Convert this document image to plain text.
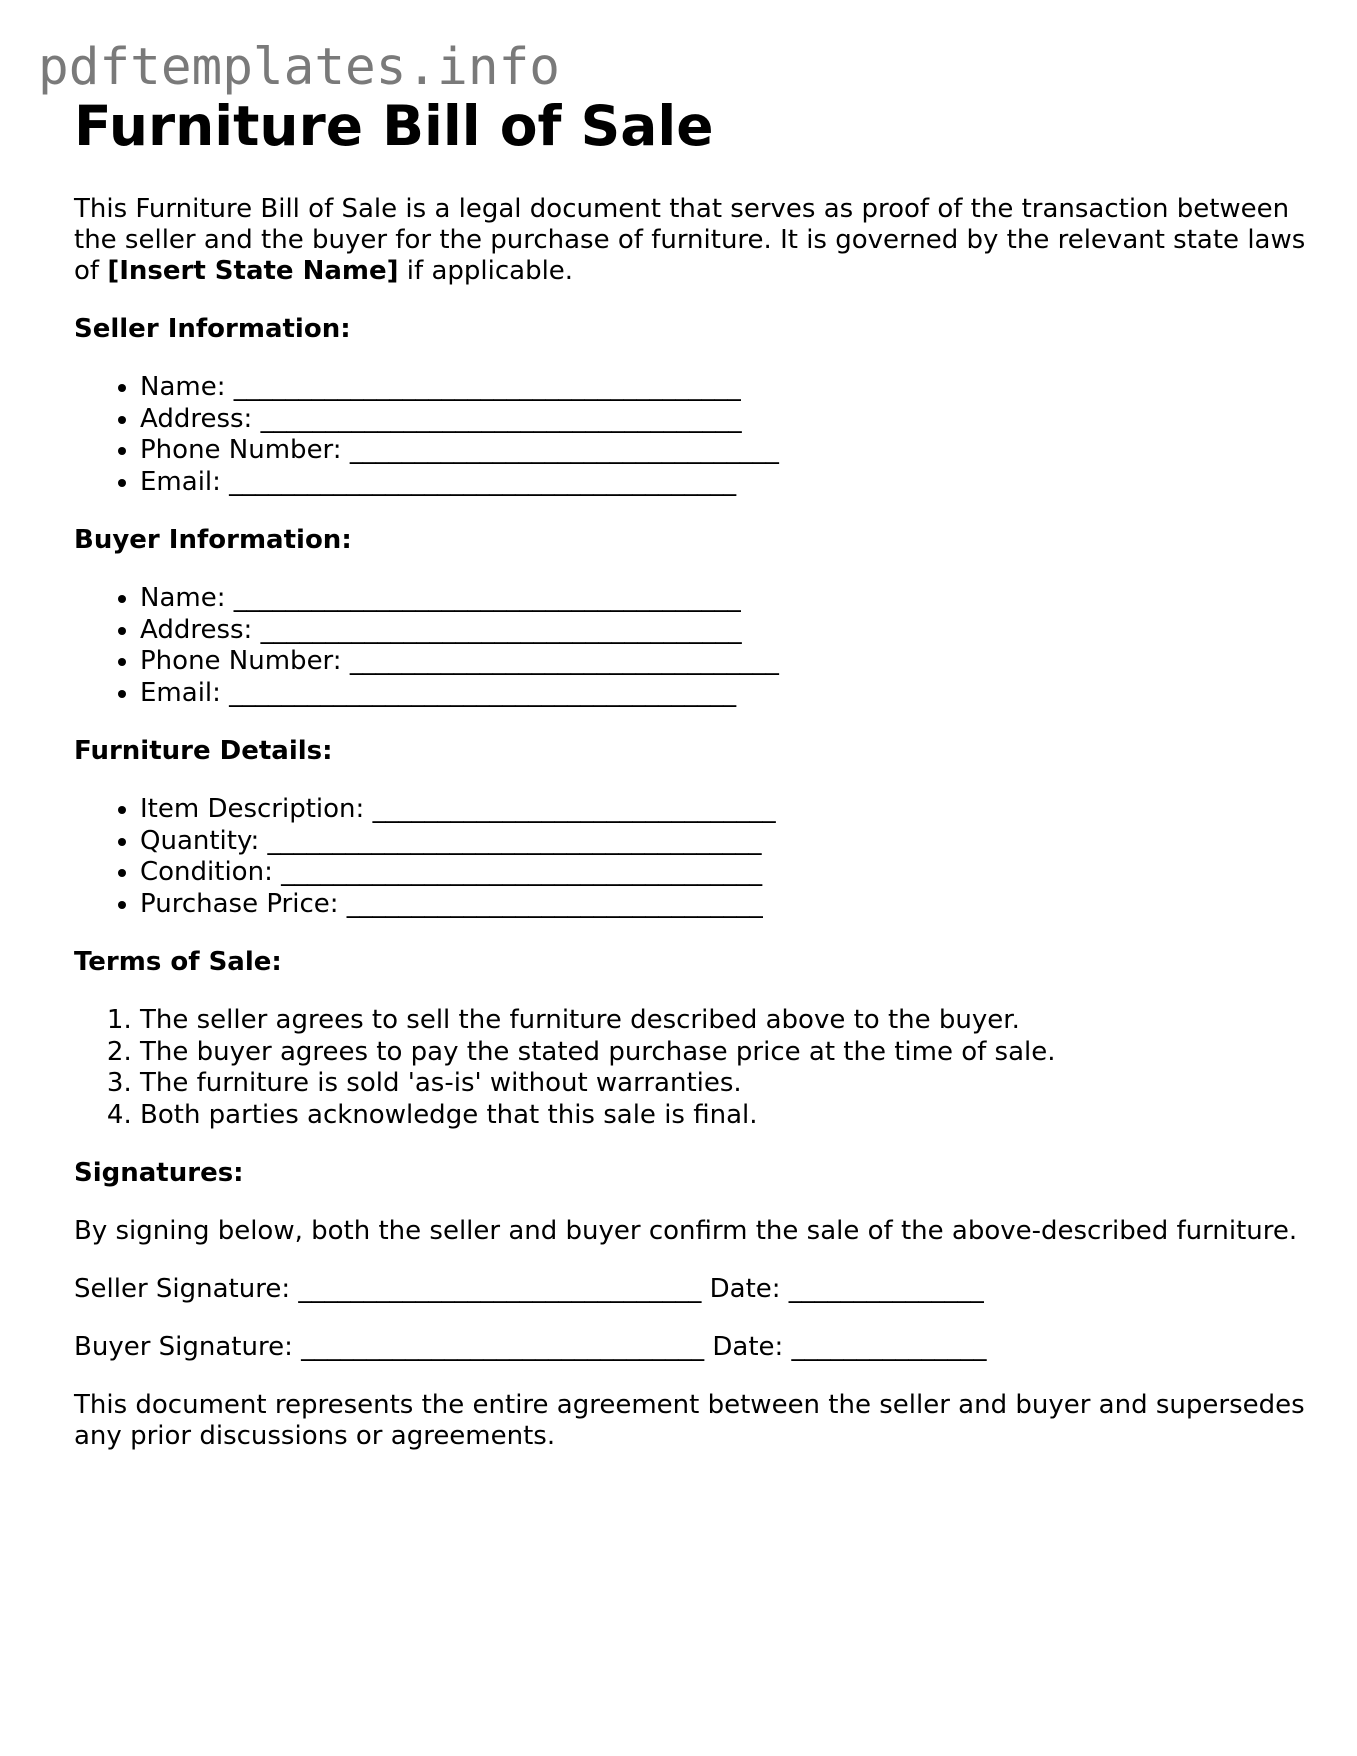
pdftemplates.info
Furniture Bill of Sale

This Furniture Bill of Sale is a legal document that serves as proof of the transaction between the seller and the buyer for the purchase of furniture. It is governed by the relevant state laws of [Insert State Name] if applicable.

Seller Information:
• Name: _______________________________________
• Address: _____________________________________
• Phone Number: _________________________________
• Email: _______________________________________
Buyer Information:
• Name: _______________________________________
• Address: _____________________________________
• Phone Number: _________________________________
• Email: _______________________________________
Furniture Details:
• Item Description: _______________________________
• Quantity: ______________________________________
• Condition: _____________________________________
• Purchase Price: ________________________________
Terms of Sale:
1. The seller agrees to sell the furniture described above to the buyer.
2. The buyer agrees to pay the stated purchase price at the time of sale.
3. The furniture is sold 'as-is' without warranties.
4. Both parties acknowledge that this sale is final.
Signatures:

By signing below, both the seller and buyer confirm the sale of the above-described furniture.

Seller Signature: _______________________________ Date: _______________

Buyer Signature: _______________________________ Date: _______________

This document represents the entire agreement between the seller and buyer and supersedes any prior discussions or agreements.
